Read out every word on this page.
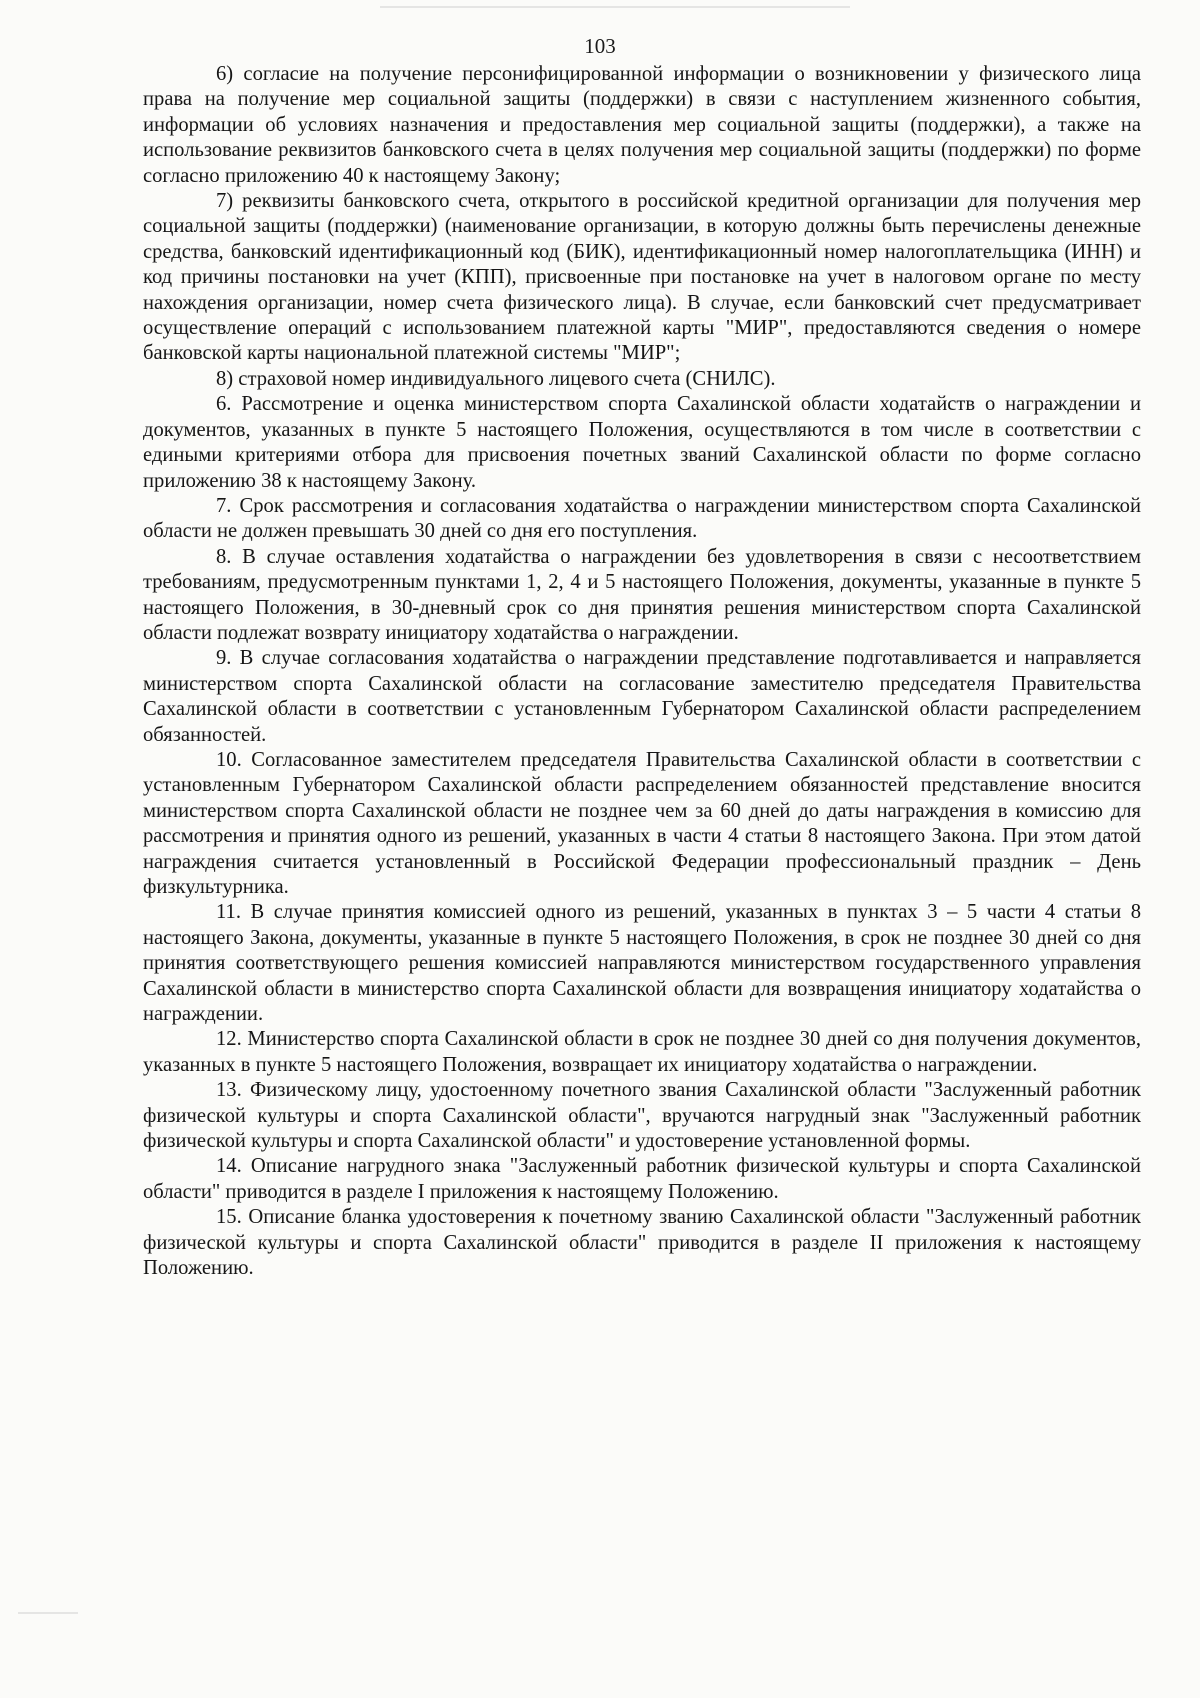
103

6) согласие на получение персонифицированной информации о возникновении у физического лица права на получение мер социальной защиты (поддержки) в связи с наступлением жизненного события, информации об условиях назначения и предоставления мер социальной защиты (поддержки), а также на использование реквизитов банковского счета в целях получения мер социальной защиты (поддержки) по форме согласно приложению 40 к настоящему Закону;

7) реквизиты банковского счета, открытого в российской кредитной организации для получения мер социальной защиты (поддержки) (наименование организации, в которую должны быть перечислены денежные средства, банковский идентификационный код (БИК), идентификационный номер налогоплательщика (ИНН) и код причины постановки на учет (КПП), присвоенные при постановке на учет в налоговом органе по месту нахождения организации, номер счета физического лица). В случае, если банковский счет предусматривает осуществление операций с использованием платежной карты "МИР", предоставляются сведения о номере банковской карты национальной платежной системы "МИР";

8) страховой номер индивидуального лицевого счета (СНИЛС).

6. Рассмотрение и оценка министерством спорта Сахалинской области ходатайств о награждении и документов, указанных в пункте 5 настоящего Положения, осуществляются в том числе в соответствии с едиными критериями отбора для присвоения почетных званий Сахалинской области по форме согласно приложению 38 к настоящему Закону.

7. Срок рассмотрения и согласования ходатайства о награждении министерством спорта Сахалинской области не должен превышать 30 дней со дня его поступления.

8. В случае оставления ходатайства о награждении без удовлетворения в связи с несоответствием требованиям, предусмотренным пунктами 1, 2, 4 и 5 настоящего Положения, документы, указанные в пункте 5 настоящего Положения, в 30-дневный срок со дня принятия решения министерством спорта Сахалинской области подлежат возврату инициатору ходатайства о награждении.

9. В случае согласования ходатайства о награждении представление подготавливается и направляется министерством спорта Сахалинской области на согласование заместителю председателя Правительства Сахалинской области в соответствии с установленным Губернатором Сахалинской области распределением обязанностей.

10. Согласованное заместителем председателя Правительства Сахалинской области в соответствии с установленным Губернатором Сахалинской области распределением обязанностей представление вносится министерством спорта Сахалинской области не позднее чем за 60 дней до даты награждения в комиссию для рассмотрения и принятия одного из решений, указанных в части 4 статьи 8 настоящего Закона. При этом датой награждения считается установленный в Российской Федерации профессиональный праздник – День физкультурника.

11. В случае принятия комиссией одного из решений, указанных в пунктах 3 – 5 части 4 статьи 8 настоящего Закона, документы, указанные в пункте 5 настоящего Положения, в срок не позднее 30 дней со дня принятия соответствующего решения комиссией направляются министерством государственного управления Сахалинской области в министерство спорта Сахалинской области для возвращения инициатору ходатайства о награждении.

12. Министерство спорта Сахалинской области в срок не позднее 30 дней со дня получения документов, указанных в пункте 5 настоящего Положения, возвращает их инициатору ходатайства о награждении.

13. Физическому лицу, удостоенному почетного звания Сахалинской области "Заслуженный работник физической культуры и спорта Сахалинской области", вручаются нагрудный знак "Заслуженный работник физической культуры и спорта Сахалинской области" и удостоверение установленной формы.

14. Описание нагрудного знака "Заслуженный работник физической культуры и спорта Сахалинской области" приводится в разделе I приложения к настоящему Положению.

15. Описание бланка удостоверения к почетному званию Сахалинской области "Заслуженный работник физической культуры и спорта Сахалинской области" приводится в разделе II приложения к настоящему Положению.
